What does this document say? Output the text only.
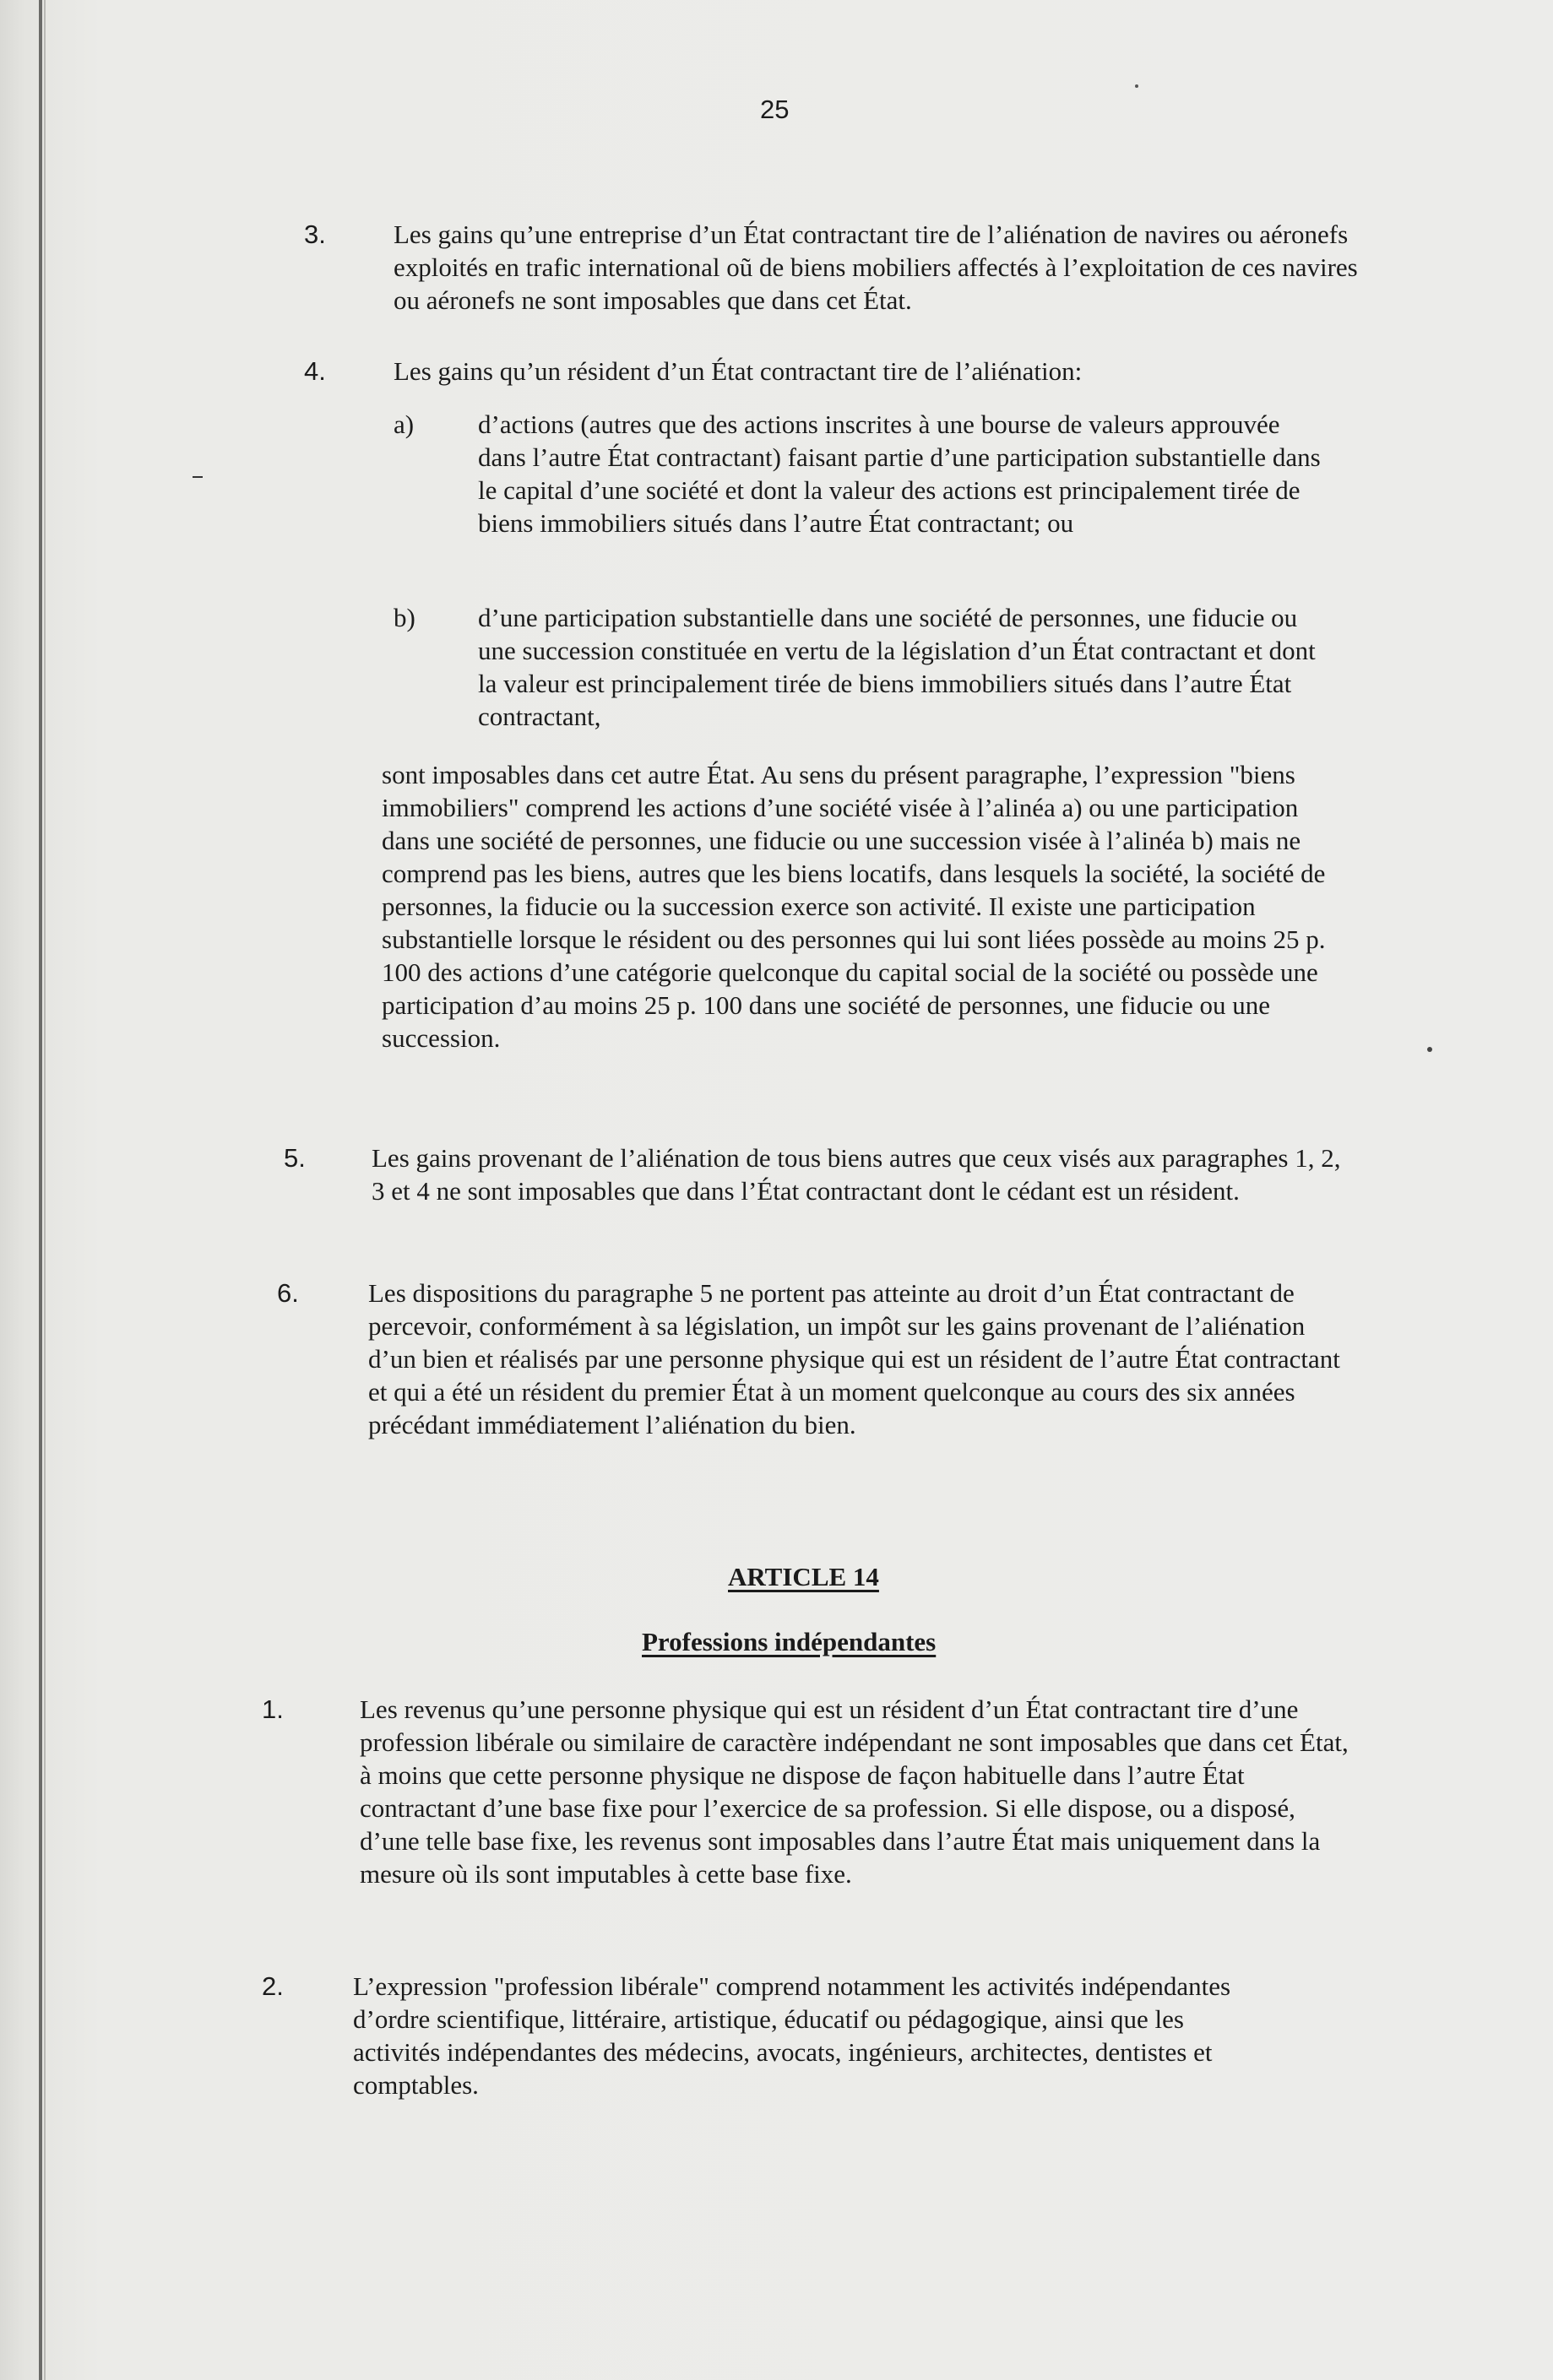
25
3.	Les gains qu’une entreprise d’un État contractant tire de l’aliénation de navires ou aéronefs exploités en trafic international oũ de biens mobiliers affectés à l’exploitation de ces navires ou aéronefs ne sont imposables que dans cet État.
4.	Les gains qu’un résident d’un État contractant tire de l’aliénation:
a) d’actions (autres que des actions inscrites à une bourse de valeurs approuvée dans l’autre État contractant) faisant partie d’une participation substantielle dans le capital d’une société et dont la valeur des actions est principalement tirée de biens immobiliers situés dans l’autre État contractant; ou
b) d’une participation substantielle dans une société de personnes, une fiducie ou une succession constituée en vertu de la législation d’un État contractant et dont la valeur est principalement tirée de biens immobiliers situés dans l’autre État contractant,
sont imposables dans cet autre État. Au sens du présent paragraphe, l’expression "biens immobiliers" comprend les actions d’une société visée à l’alinéa a) ou une participation dans une société de personnes, une fiducie ou une succession visée à l’alinéa b) mais ne comprend pas les biens, autres que les biens locatifs, dans lesquels la société, la société de personnes, la fiducie ou la succession exerce son activité. Il existe une participation substantielle lorsque le résident ou des personnes qui lui sont liées possède au moins 25 p. 100 des actions d’une catégorie quelconque du capital social de la société ou possède une participation d’au moins 25 p. 100 dans une société de personnes, une fiducie ou une succession.
5.	Les gains provenant de l’aliénation de tous biens autres que ceux visés aux paragraphes 1, 2, 3 et 4 ne sont imposables que dans l’État contractant dont le cédant est un résident.
6.	Les dispositions du paragraphe 5 ne portent pas atteinte au droit d’un État contractant de percevoir, conformément à sa législation, un impôt sur les gains provenant de l’aliénation d’un bien et réalisés par une personne physique qui est un résident de l’autre État contractant et qui a été un résident du premier État à un moment quelconque au cours des six années précédant immédiatement l’aliénation du bien.
ARTICLE 14
Professions indépendantes
1.	Les revenus qu’une personne physique qui est un résident d’un État contractant tire d’une profession libérale ou similaire de caractère indépendant ne sont imposables que dans cet État, à moins que cette personne physique ne dispose de façon habituelle dans l’autre État contractant d’une base fixe pour l’exercice de sa profession. Si elle dispose, ou a disposé, d’une telle base fixe, les revenus sont imposables dans l’autre État mais uniquement dans la mesure où ils sont imputables à cette base fixe.
2.	L’expression "profession libérale" comprend notamment les activités indépendantes d’ordre scientifique, littéraire, artistique, éducatif ou pédagogique, ainsi que les activités indépendantes des médecins, avocats, ingénieurs, architectes, dentistes et comptables.
